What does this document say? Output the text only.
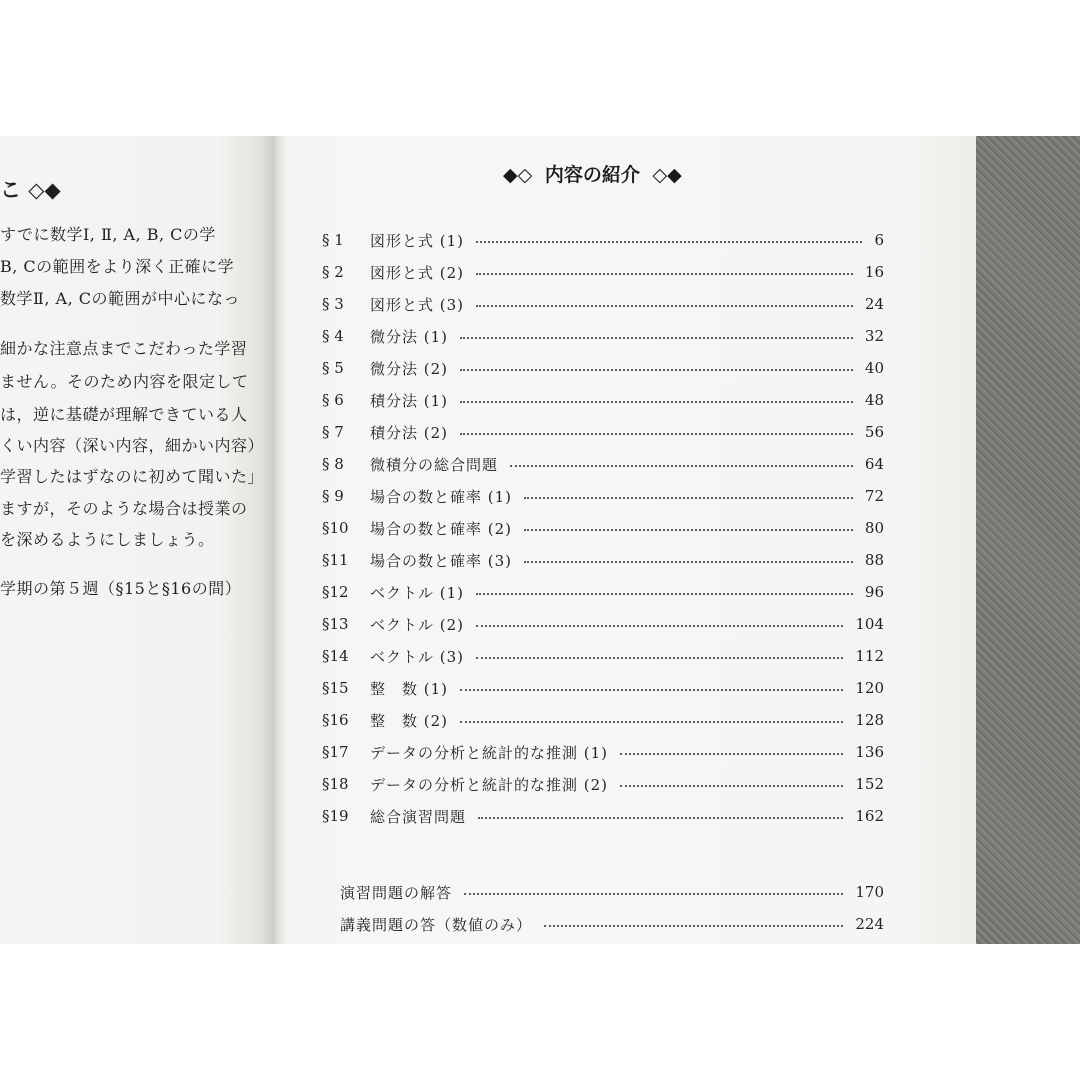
こ ◇◆
すでに数学Ⅰ, Ⅱ, A, B, Cの学
B, Cの範囲をより深く正確に学
数学Ⅱ, A, Cの範囲が中心になっ
細かな注意点までこだわった学習
ません。そのため内容を限定して
は，逆に基礎が理解できている人
くい内容（深い内容，細かい内容）
学習したはずなのに初めて聞いた」
ますが，そのような場合は授業の
を深めるようにしましょう。
学期の第５週（§15と§16の間）
◆◇ 内容の紹介 ◇◆
§ 1	図形と式 (1)	6
§ 2	図形と式 (2)	16
§ 3	図形と式 (3)	24
§ 4	微分法 (1)	32
§ 5	微分法 (2)	40
§ 6	積分法 (1)	48
§ 7	積分法 (2)	56
§ 8	微積分の総合問題	64
§ 9	場合の数と確率 (1)	72
§10	場合の数と確率 (2)	80
§11	場合の数と確率 (3)	88
§12	ベクトル (1)	96
§13	ベクトル (2)	104
§14	ベクトル (3)	112
§15	整　数 (1)	120
§16	整　数 (2)	128
§17	データの分析と統計的な推測 (1)	136
§18	データの分析と統計的な推測 (2)	152
§19	総合演習問題	162
演習問題の解答	170
講義問題の答（数値のみ）	224
